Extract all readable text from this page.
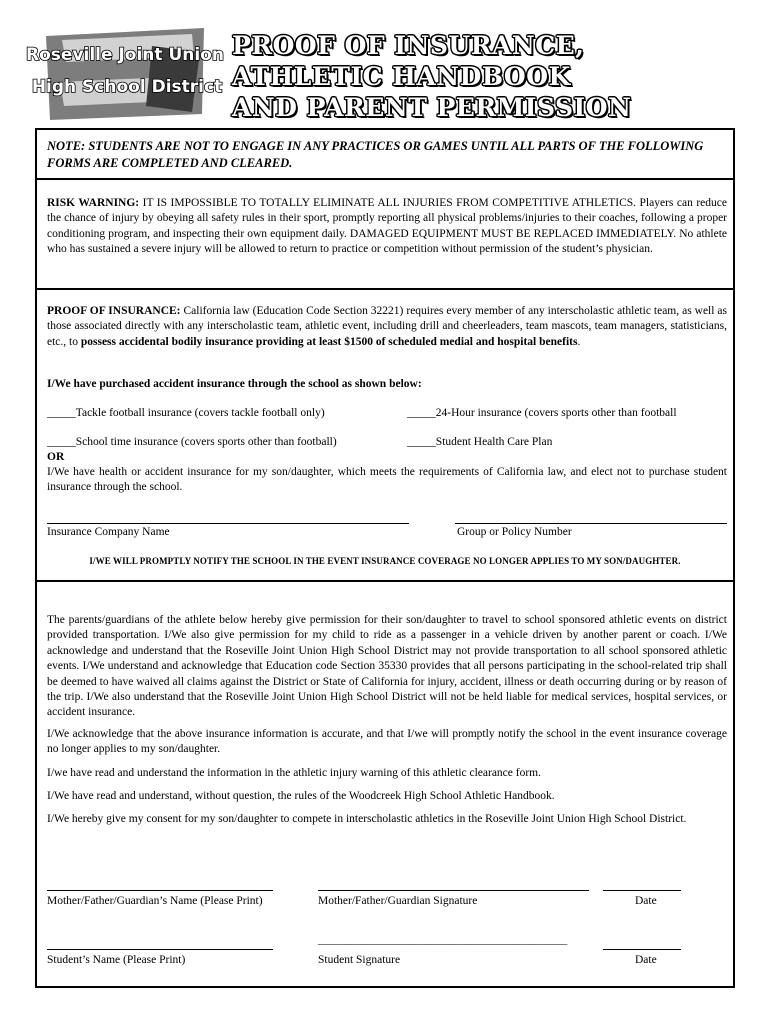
Roseville Joint Union
High School District
PROOF OF INSURANCE,
ATHLETIC HANDBOOK
AND PARENT PERMISSION
NOTE: STUDENTS ARE NOT TO ENGAGE IN ANY PRACTICES OR GAMES UNTIL ALL PARTS OF THE FOLLOWING FORMS ARE COMPLETED AND CLEARED.
RISK WARNING: IT IS IMPOSSIBLE TO TOTALLY ELIMINATE ALL INJURIES FROM COMPETITIVE ATHLETICS. Players can reduce the chance of injury by obeying all safety rules in their sport, promptly reporting all physical problems/injuries to their coaches, following a proper conditioning program, and inspecting their own equipment daily. DAMAGED EQUIPMENT MUST BE REPLACED IMMEDIATELY. No athlete who has sustained a severe injury will be allowed to return to practice or competition without permission of the student’s physician.
PROOF OF INSURANCE: California law (Education Code Section 32221) requires every member of any interscholastic athletic team, as well as those associated directly with any interscholastic team, athletic event, including drill and cheerleaders, team mascots, team managers, statisticians, etc., to possess accidental bodily insurance providing at least $1500 of scheduled medial and hospital benefits.
I/We have purchased accident insurance through the school as shown below:
_____Tackle football insurance (covers tackle football only)	_____24-Hour insurance (covers sports other than football
_____School time insurance (covers sports other than football)	_____Student Health Care Plan
OR
I/We have health or accident insurance for my son/daughter, which meets the requirements of California law, and elect not to purchase student insurance through the school.
Insurance Company Name	Group or Policy Number
I/WE WILL PROMPTLY NOTIFY THE SCHOOL IN THE EVENT INSURANCE COVERAGE NO LONGER APPLIES TO MY SON/DAUGHTER.

The parents/guardians of the athlete below hereby give permission for their son/daughter to travel to school sponsored athletic events on district provided transportation. I/We also give permission for my child to ride as a passenger in a vehicle driven by another parent or coach. I/We acknowledge and understand that the Roseville Joint Union High School District may not provide transportation to all school sponsored athletic events. I/We understand and acknowledge that Education code Section 35330 provides that all persons participating in the school-related trip shall be deemed to have waived all claims against the District or State of California for injury, accident, illness or death occurring during or by reason of the trip. I/We also understand that the Roseville Joint Union High School District will not be held liable for medical services, hospital services, or accident insurance.

I/We acknowledge that the above insurance information is accurate, and that I/we will promptly notify the school in the event insurance coverage no longer applies to my son/daughter.

I/we have read and understand the information in the athletic injury warning of this athletic clearance form.

I/We have read and understand, without question, the rules of the Woodcreek High School Athletic Handbook.

I/We hereby give my consent for my son/daughter to compete in interscholastic athletics in the Roseville Joint Union High School District.

Mother/Father/Guardian’s Name (Please Print)	Mother/Father/Guardian Signature	Date
_______________________________________________
Student’s Name (Please Print)	Student Signature	Date
